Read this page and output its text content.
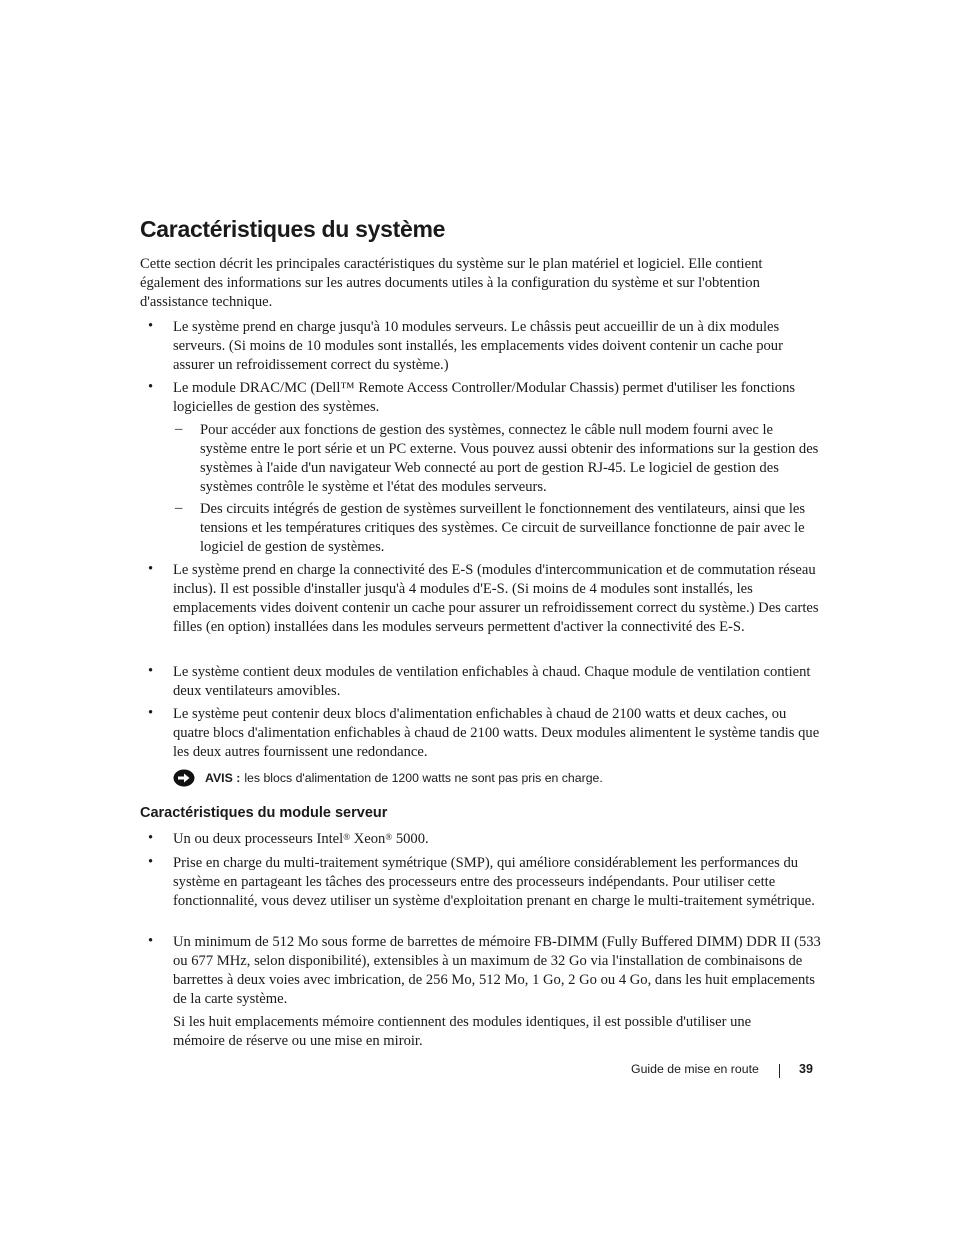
Caractéristiques du système
Cette section décrit les principales caractéristiques du système sur le plan matériel et logiciel. Elle contient également des informations sur les autres documents utiles à la configuration du système et sur l'obtention d'assistance technique.
• Le système prend en charge jusqu'à 10 modules serveurs. Le châssis peut accueillir de un à dix modules serveurs. (Si moins de 10 modules sont installés, les emplacements vides doivent contenir un cache pour assurer un refroidissement correct du système.)
• Le module DRAC/MC (Dell™ Remote Access Controller/Modular Chassis) permet d'utiliser les fonctions logicielles de gestion des systèmes.
– Pour accéder aux fonctions de gestion des systèmes, connectez le câble null modem fourni avec le système entre le port série et un PC externe. Vous pouvez aussi obtenir des informations sur la gestion des systèmes à l'aide d'un navigateur Web connecté au port de gestion RJ-45. Le logiciel de gestion des systèmes contrôle le système et l'état des modules serveurs.
– Des circuits intégrés de gestion de systèmes surveillent le fonctionnement des ventilateurs, ainsi que les tensions et les températures critiques des systèmes. Ce circuit de surveillance fonctionne de pair avec le logiciel de gestion de systèmes.
• Le système prend en charge la connectivité des E-S (modules d'intercommunication et de commutation réseau inclus). Il est possible d'installer jusqu'à 4 modules d'E-S. (Si moins de 4 modules sont installés, les emplacements vides doivent contenir un cache pour assurer un refroidissement correct du système.) Des cartes filles (en option) installées dans les modules serveurs permettent d'activer la connectivité des E-S.
• Le système contient deux modules de ventilation enfichables à chaud. Chaque module de ventilation contient deux ventilateurs amovibles.
• Le système peut contenir deux blocs d'alimentation enfichables à chaud de 2100 watts et deux caches, ou quatre blocs d'alimentation enfichables à chaud de 2100 watts. Deux modules alimentent le système tandis que les deux autres fournissent une redondance.
AVIS : les blocs d'alimentation de 1200 watts ne sont pas pris en charge.
Caractéristiques du module serveur
• Un ou deux processeurs Intel® Xeon® 5000.
• Prise en charge du multi-traitement symétrique (SMP), qui améliore considérablement les performances du système en partageant les tâches des processeurs entre des processeurs indépendants. Pour utiliser cette fonctionnalité, vous devez utiliser un système d'exploitation prenant en charge le multi-traitement symétrique.
• Un minimum de 512 Mo sous forme de barrettes de mémoire FB-DIMM (Fully Buffered DIMM) DDR II (533 ou 677 MHz, selon disponibilité), extensibles à un maximum de 32 Go via l'installation de combinaisons de barrettes à deux voies avec imbrication, de 256 Mo, 512 Mo, 1 Go, 2 Go ou 4 Go, dans les huit emplacements de la carte système.
Si les huit emplacements mémoire contiennent des modules identiques, il est possible d'utiliser une mémoire de réserve ou une mise en miroir.
Guide de mise en route	39
